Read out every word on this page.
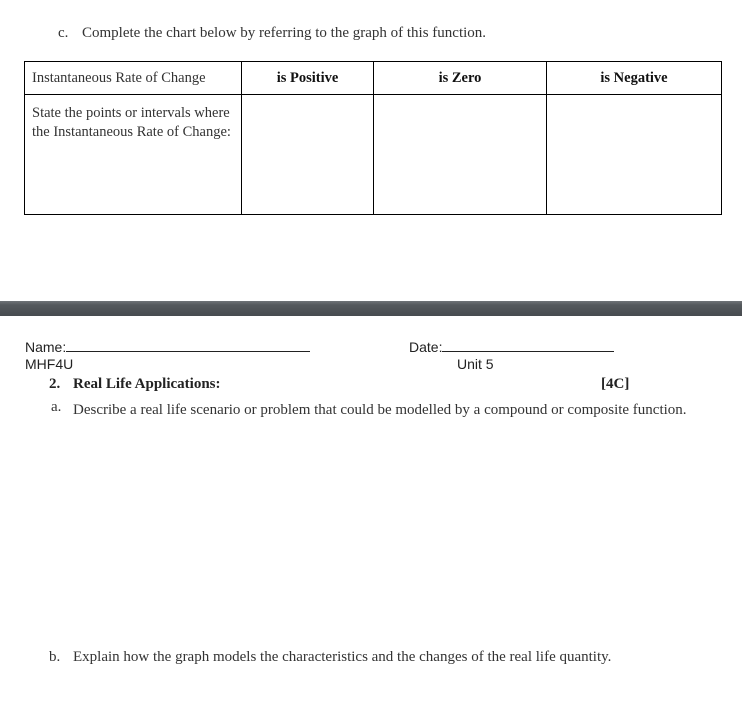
c. Complete the chart below by referring to the graph of this function.
Instantaneous Rate of Change	is Positive	is Zero	is Negative
State the points or intervals where the Instantaneous Rate of Change:			
Name:	Date:
MHF4U	Unit 5
2. Real Life Applications:	[4C]
a. Describe a real life scenario or problem that could be modelled by a compound or composite function.
b. Explain how the graph models the characteristics and the changes of the real life quantity.
